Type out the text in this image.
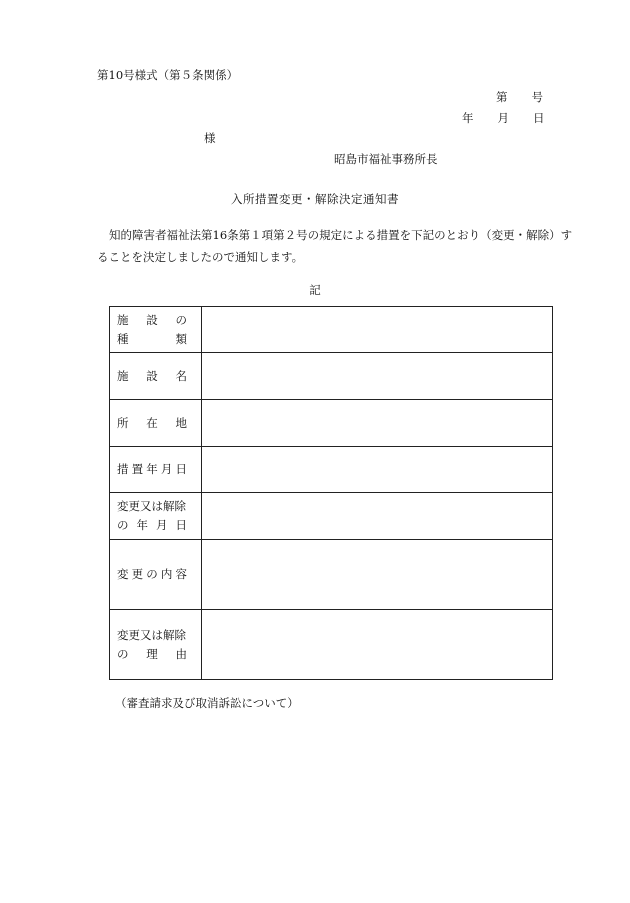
第10号様式（第５条関係）
第 号
年 月 日
様
昭島市福祉事務所長
入所措置変更・解除決定通知書
知的障害者福祉法第16条第１項第２号の規定による措置を下記のとおり（変更・解除）することを決定しましたので通知します。
記
施 設 の
種 類	

施 設 名	

所 在 地	

措 置 年 月 日	

変更又は解除
の 年 月 日	

変 更 の 内 容	

変更又は解除
の 理 由	

（審査請求及び取消訴訟について）
